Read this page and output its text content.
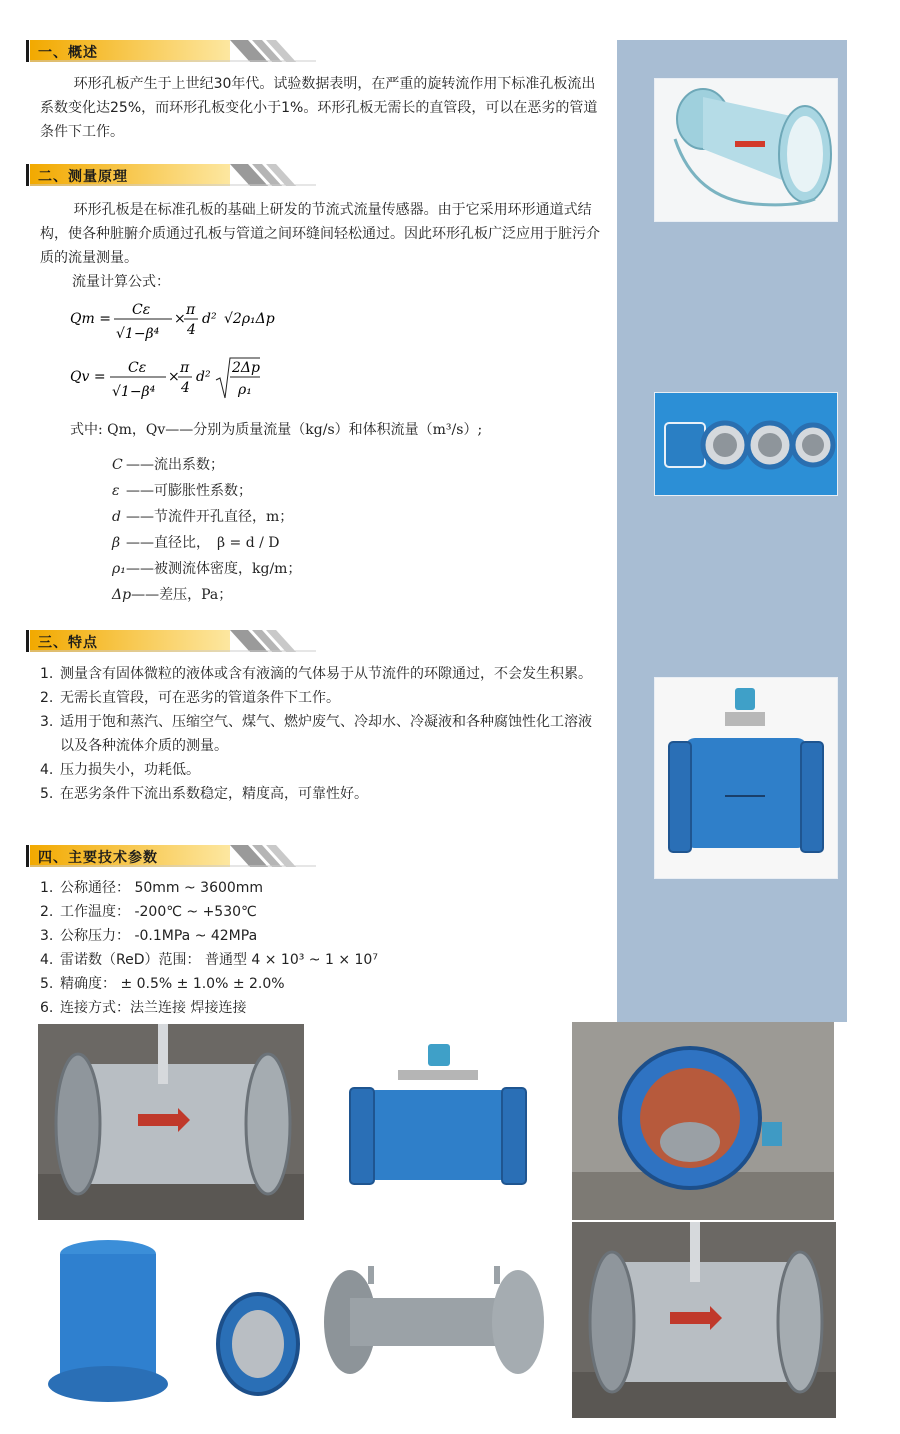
一、概述
环形孔板产生于上世纪30年代。试验数据表明，在严重的旋转流作用下标准孔板流出系数变化达25%，而环形孔板变化小于1%。环形孔板无需长的直管段，可以在恶劣的管道条件下工作。
二、测量原理
环形孔板是在标准孔板的基础上研发的节流式流量传感器。由于它采用环形通道式结构，使各种脏腑介质通过孔板与管道之间环缝间轻松通过。因此环形孔板广泛应用于脏污介质的流量测量。
流量计算公式：
Qm =
Cε
√1−β⁴
×
π
4
d² √2ρ₁Δp
Qv =
Cε
√1−β⁴
×
π
4
d²
2Δp
ρ₁
式中: Qm，Qv——分别为质量流量（kg/s）和体积流量（m³/s）;
C ——流出系数；
ε ——可膨胀性系数；
d ——节流件开孔直径，m；
β ——直径比，　β = d / D
ρ₁——被测流体密度，kg/m；
Δp——差压，Pa；
三、特点
1. 测量含有固体微粒的液体或含有液滴的气体易于从节流件的环隙通过，不会发生积累。
2. 无需长直管段，可在恶劣的管道条件下工作。
3. 适用于饱和蒸汽、压缩空气、煤气、燃炉废气、冷却水、冷凝液和各种腐蚀性化工溶液以及各种流体介质的测量。
4. 压力损失小，功耗低。
5. 在恶劣条件下流出系数稳定，精度高，可靠性好。
四、主要技术参数
1. 公称通径： 50mm ~ 3600mm
2. 工作温度： -200℃ ~ +530℃
3. 公称压力： -0.1MPa ~ 42MPa
4. 雷诺数（ReD）范围： 普通型 4 × 10³ ~ 1 × 10⁷
5. 精确度： ± 0.5% ± 1.0% ± 2.0%
6. 连接方式：法兰连接 焊接连接
